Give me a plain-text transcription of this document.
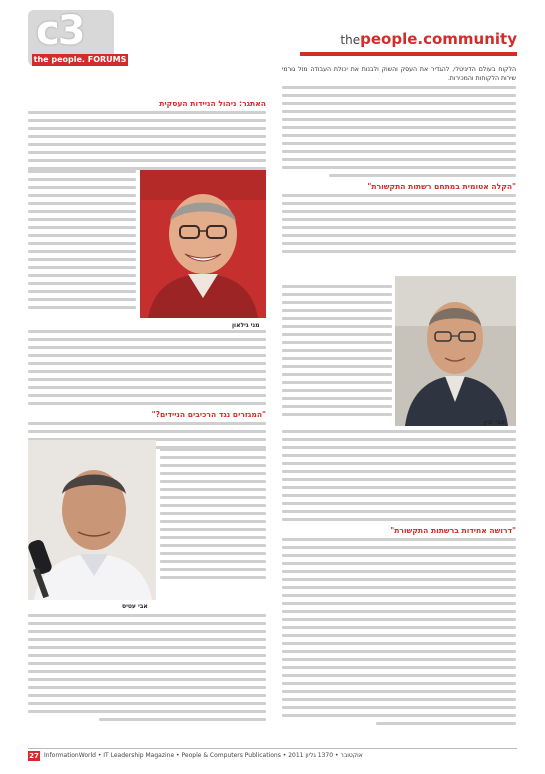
c3
the people. FORUMS
thepeople.community
הלקוח בעולם הדיגיטלי, להגדיר את העסק והשוק ולבנות את יכולת העבודה מול גורמי שירות הלקוחות והמכירות.
"הקלה אטומית במתחם רשתות התקשורת"
אבי יבין
"דרושה אחידות ברשתות התקשורת"
האתגר: ניהול הניידות העסקית
מני גילאון
"המגזרים נגד הרכיבים הניידים?"
אבי עטיס
27 InformationWorld • IT Leadership Magazine • People & Computers Publications • 2011 אוקטובר • 1370 גליון
